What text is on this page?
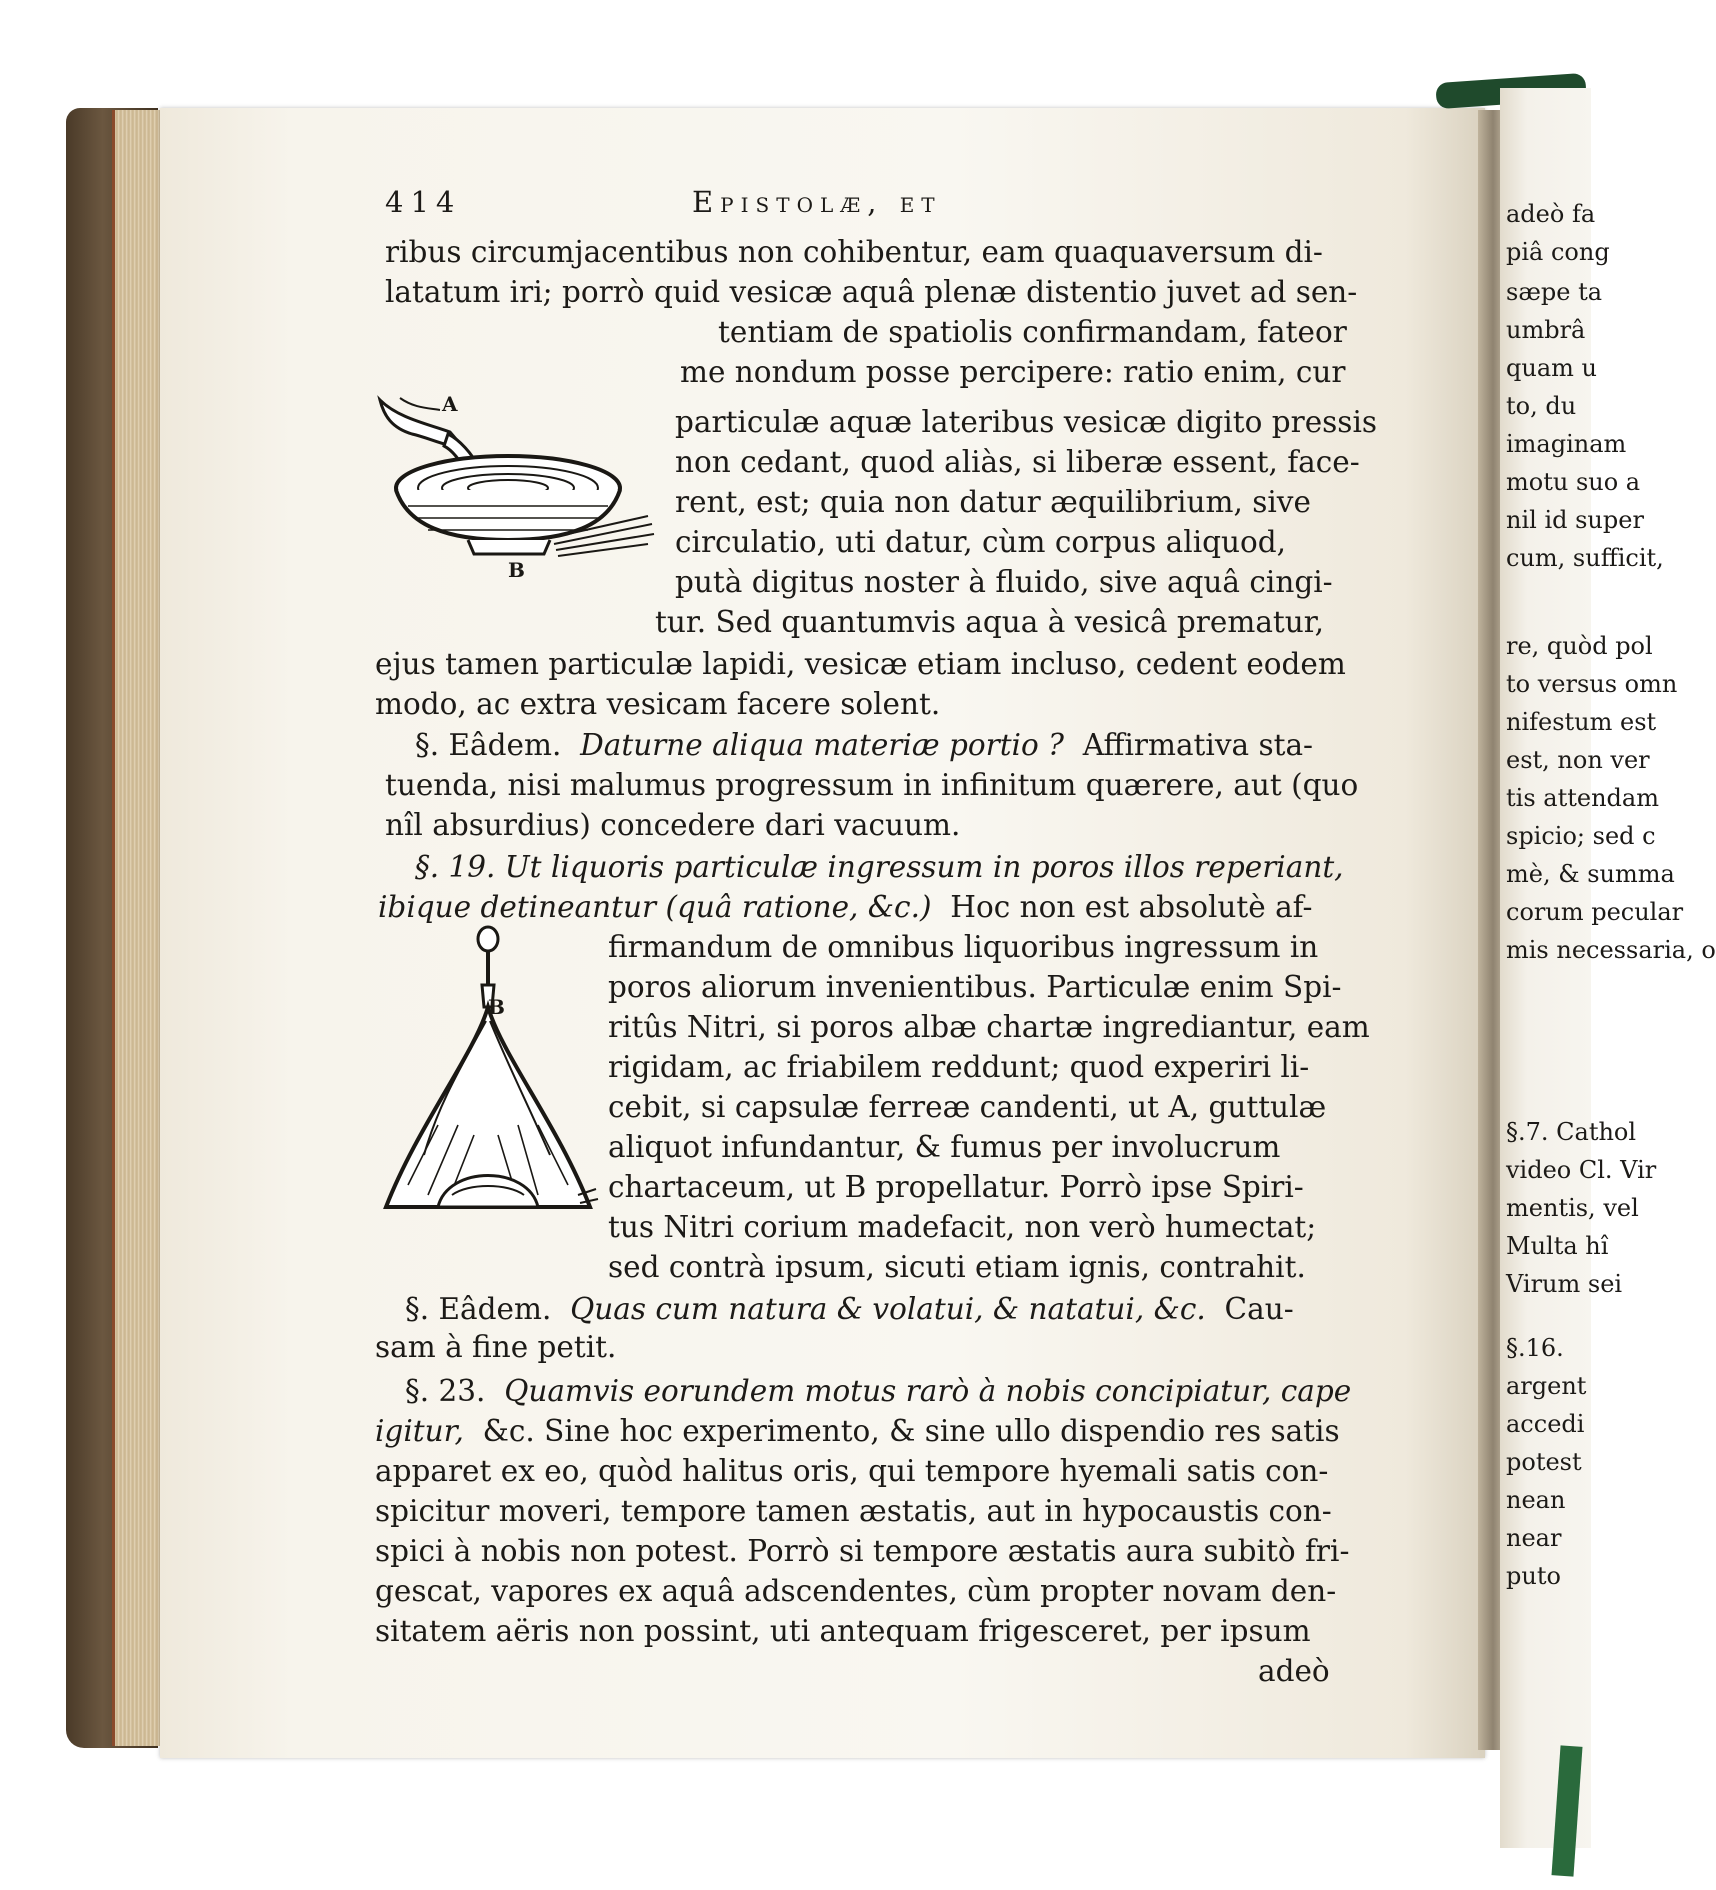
adeò fa
piâ cong
sæpe ta
umbrâ
quam u
to, du
imaginam
motu suo a
nil id super
cum, sufficit,
re, quòd pol
to versus omn
nifestum est
est, non ver
tis attendam
spicio; sed c
mè, & summa
corum pecular
mis necessaria, o
§.7. Cathol
video Cl. Vir
mentis, vel
Multa hî
Virum sei
§.16.
argent
accedi
potest
nean
near
puto
414	Epistolæ, et
ribus circumjacentibus non cohibentur, eam quaquaversum di-
latatum iri; porrò quid vesicæ aquâ plenæ distentio juvet ad sen-
tentiam de spatiolis confirmandam, fateor
me nondum posse percipere: ratio enim, cur
particulæ aquæ lateribus vesicæ digito pressis
non cedant, quod aliàs, si liberæ essent, face-
rent, est; quia non datur æquilibrium, sive
circulatio, uti datur, cùm corpus aliquod,
putà digitus noster à fluido, sive aquâ cingi-
tur. Sed quantumvis aqua à vesicâ prematur,
ejus tamen particulæ lapidi, vesicæ etiam incluso, cedent eodem
modo, ac extra vesicam facere solent.
A
B
§. Eâdem. Daturne aliqua materiæ portio ? Affirmativa sta-
tuenda, nisi malumus progressum in infinitum quærere, aut (quo
nîl absurdius) concedere dari vacuum.
§. 19. Ut liquoris particulæ ingressum in poros illos reperiant,
ibique detineantur (quâ ratione, &c.) Hoc non est absolutè af-
firmandum de omnibus liquoribus ingressum in
poros aliorum invenientibus. Particulæ enim Spi-
ritûs Nitri, si poros albæ chartæ ingrediantur, eam
rigidam, ac friabilem reddunt; quod experiri li-
cebit, si capsulæ ferreæ candenti, ut A, guttulæ
aliquot infundantur, & fumus per involucrum
chartaceum, ut B propellatur. Porrò ipse Spiri-
tus Nitri corium madefacit, non verò humectat;
sed contrà ipsum, sicuti etiam ignis, contrahit.
B
§. Eâdem. Quas cum natura & volatui, & natatui, &c. Cau-
sam à fine petit.
§. 23. Quamvis eorundem motus rarò à nobis concipiatur, cape
igitur, &c. Sine hoc experimento, & sine ullo dispendio res satis
apparet ex eo, quòd halitus oris, qui tempore hyemali satis con-
spicitur moveri, tempore tamen æstatis, aut in hypocaustis con-
spici à nobis non potest. Porrò si tempore æstatis aura subitò fri-
gescat, vapores ex aquâ adscendentes, cùm propter novam den-
sitatem aëris non possint, uti antequam frigesceret, per ipsum
adeò
